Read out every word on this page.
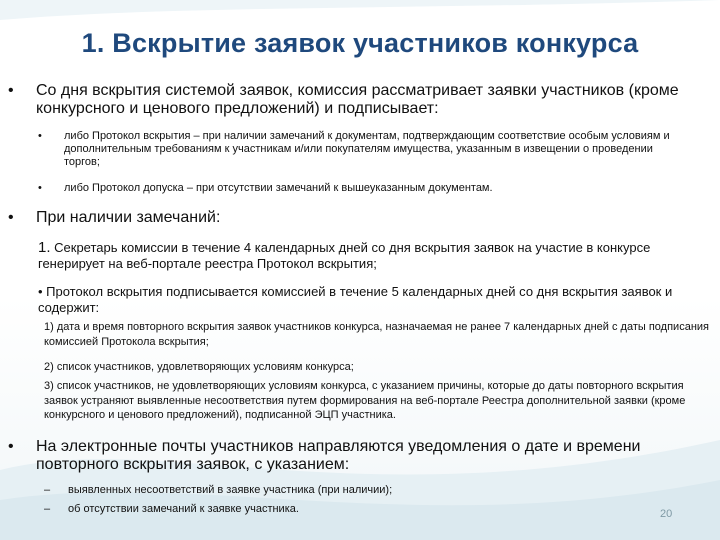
1. Вскрытие заявок участников конкурса
• Со дня вскрытия системой заявок, комиссия рассматривает заявки участников (кроме конкурсного и ценового предложений) и подписывает:
• либо Протокол вскрытия – при наличии замечаний к документам, подтверждающим соответствие особым условиям и дополнительным требованиям к участникам и/или покупателям имущества, указанным в извещении о проведении торгов;
• либо Протокол допуска – при отсутствии замечаний к вышеуказанным документам.
• При наличии замечаний:
1. Секретарь комиссии в течение 4 календарных дней со дня вскрытия заявок на участие в конкурсе генерирует на веб-портале реестра Протокол вскрытия;
• Протокол вскрытия подписывается комиссией в течение 5 календарных дней со дня вскрытия заявок и содержит:
1) дата и время повторного вскрытия заявок участников конкурса, назначаемая не ранее 7 календарных дней с даты подписания комиссией Протокола вскрытия;
2) список участников, удовлетворяющих условиям конкурса;
3) список участников, не удовлетворяющих условиям конкурса, с указанием причины, которые до даты повторного вскрытия заявок устраняют выявленные несоответствия путем формирования на веб-портале Реестра дополнительной заявки (кроме конкурсного и ценового предложений), подписанной ЭЦП участника.
• На электронные почты участников направляются уведомления о дате и времени повторного вскрытия заявок, с указанием:
– выявленных несоответствий в заявке участника (при наличии);
– об отсутствии замечаний к заявке участника.	20
